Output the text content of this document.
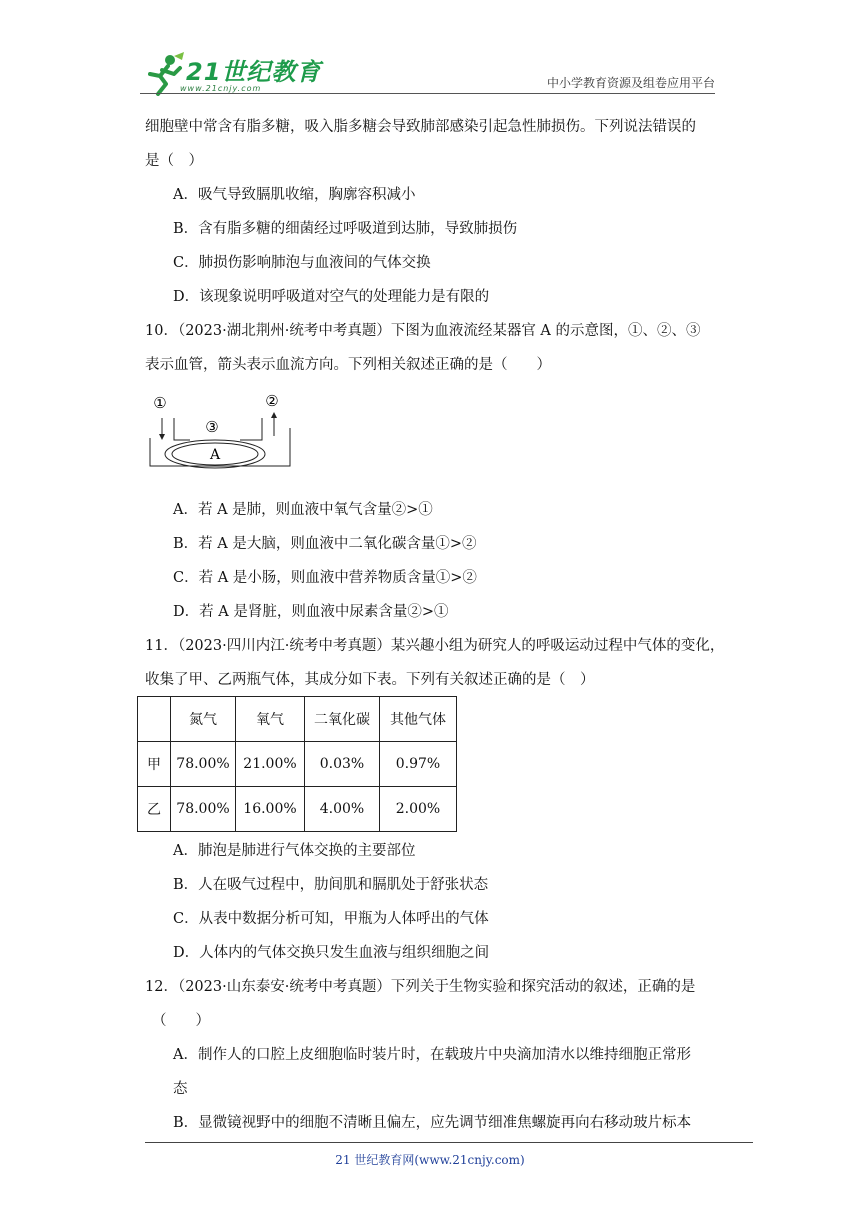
21世纪教育
www.21cnjy.com	中小学教育资源及组卷应用平台
细胞壁中常含有脂多糖，吸入脂多糖会导致肺部感染引起急性肺损伤。下列说法错误的
是（　）
A．吸气导致膈肌收缩，胸廓容积减小
B．含有脂多糖的细菌经过呼吸道到达肺，导致肺损伤
C．肺损伤影响肺泡与血液间的气体交换
D．该现象说明呼吸道对空气的处理能力是有限的
10．（2023·湖北荆州·统考中考真题）下图为血液流经某器官 A 的示意图，①、②、③
表示血管，箭头表示血流方向。下列相关叙述正确的是（　　）
①	②
③
A
A．若 A 是肺，则血液中氧气含量②>①
B．若 A 是大脑，则血液中二氧化碳含量①>②
C．若 A 是小肠，则血液中营养物质含量①>②
D．若 A 是肾脏，则血液中尿素含量②>①
11．（2023·四川内江·统考中考真题）某兴趣小组为研究人的呼吸运动过程中气体的变化，
收集了甲、乙两瓶气体，其成分如下表。下列有关叙述正确的是（　）
	氮气	氧气	二氧化碳	其他气体
甲	78.00%	21.00%	0.03%	0.97%
乙	78.00%	16.00%	4.00%	2.00%
A．肺泡是肺进行气体交换的主要部位
B．人在吸气过程中，肋间肌和膈肌处于舒张状态
C．从表中数据分析可知，甲瓶为人体呼出的气体
D．人体内的气体交换只发生血液与组织细胞之间
12．（2023·山东泰安·统考中考真题）下列关于生物实验和探究活动的叙述，正确的是
（　　）
A．制作人的口腔上皮细胞临时装片时，在载玻片中央滴加清水以维持细胞正常形
态
B．显微镜视野中的细胞不清晰且偏左，应先调节细准焦螺旋再向右移动玻片标本
21 世纪教育网(www.21cnjy.com)
